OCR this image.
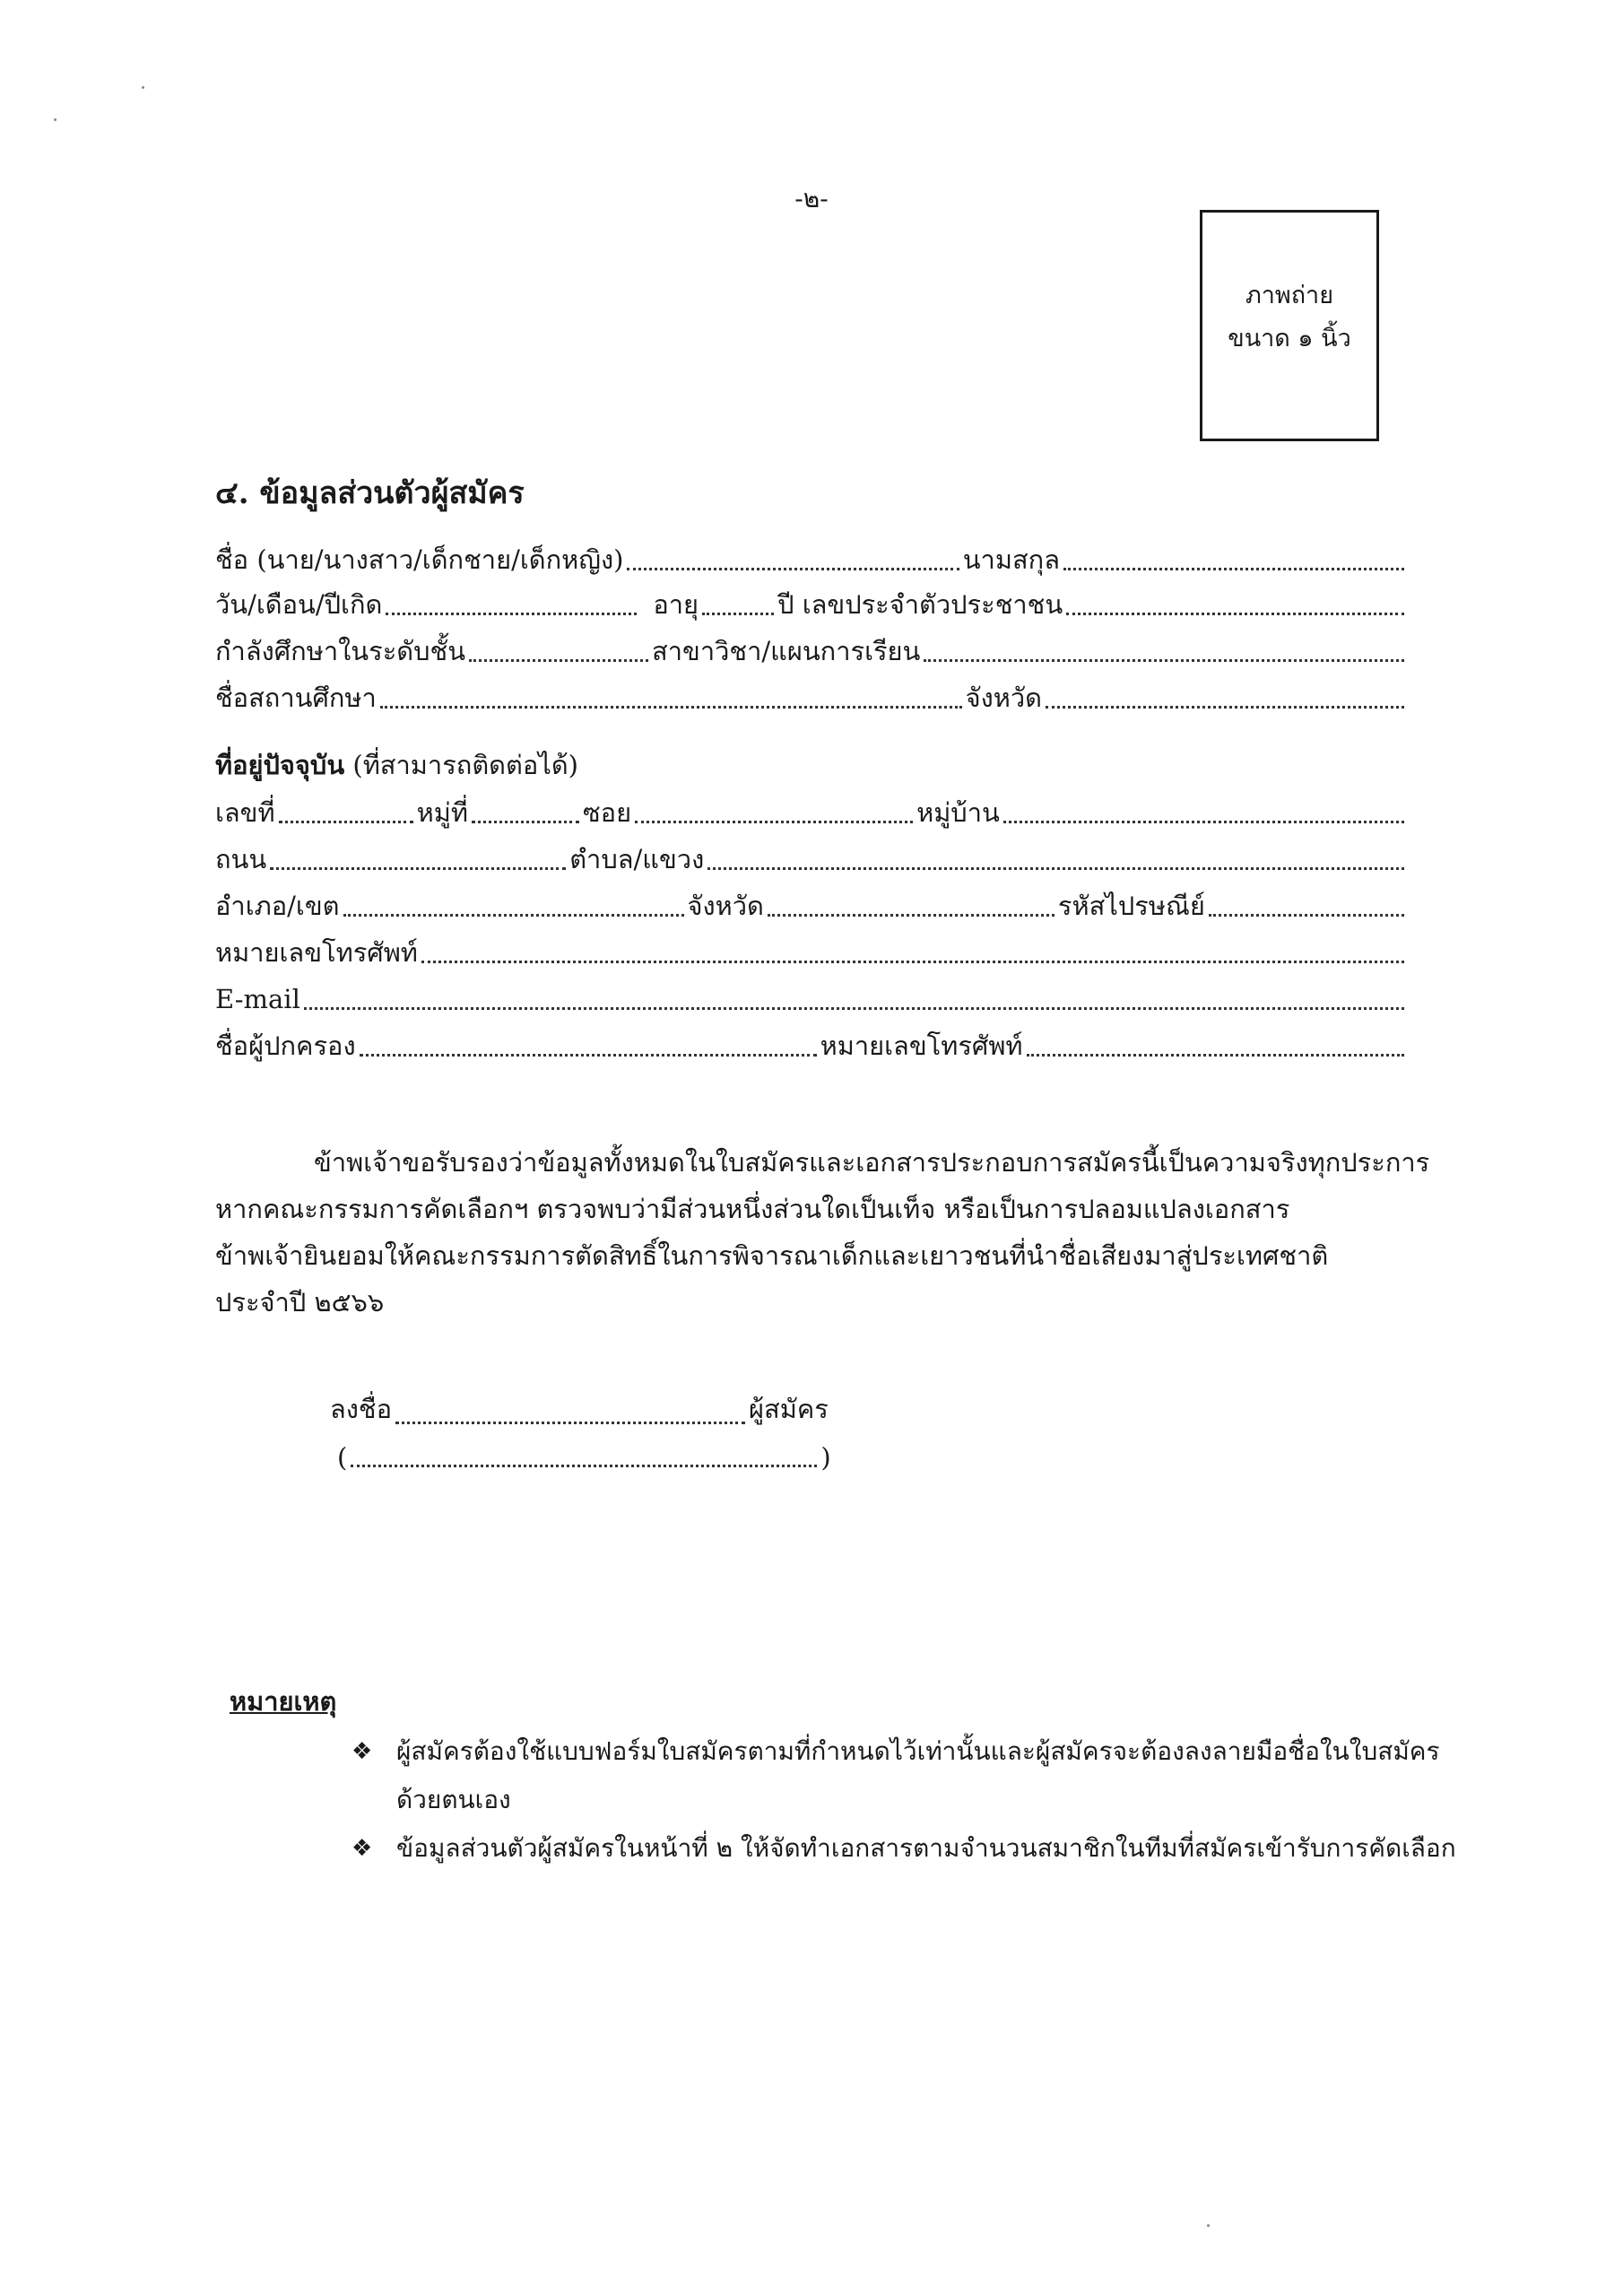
-๒-
ภาพถ่าย
ขนาด ๑ นิ้ว
๔. ข้อมูลส่วนตัวผู้สมัคร
ชื่อ (นาย/นางสาว/เด็กชาย/เด็กหญิง)	นามสกุล
วัน/เดือน/ปีเกิด	อายุ	ปี เลขประจำตัวประชาชน
กำลังศึกษาในระดับชั้น	สาขาวิชา/แผนการเรียน
ชื่อสถานศึกษา	จังหวัด
ที่อยู่ปัจจุบัน (ที่สามารถติดต่อได้)
เลขที่	หมู่ที่	ซอย	หมู่บ้าน
ถนน	ตำบล/แขวง
อำเภอ/เขต	จังหวัด	รหัสไปรษณีย์
หมายเลขโทรศัพท์
E-mail
ชื่อผู้ปกครอง	หมายเลขโทรศัพท์
ข้าพเจ้าขอรับรองว่าข้อมูลทั้งหมดในใบสมัครและเอกสารประกอบการสมัครนี้เป็นความจริงทุกประการ
หากคณะกรรมการคัดเลือกฯ ตรวจพบว่ามีส่วนหนึ่งส่วนใดเป็นเท็จ หรือเป็นการปลอมแปลงเอกสาร
ข้าพเจ้ายินยอมให้คณะกรรมการตัดสิทธิ์ในการพิจารณาเด็กและเยาวชนที่นำชื่อเสียงมาสู่ประเทศชาติ
ประจำปี ๒๕๖๖
ลงชื่อ	ผู้สมัคร
(	)
หมายเหตุ
❖ ผู้สมัครต้องใช้แบบฟอร์มใบสมัครตามที่กำหนดไว้เท่านั้นและผู้สมัครจะต้องลงลายมือชื่อในใบสมัคร
ด้วยตนเอง
❖ ข้อมูลส่วนตัวผู้สมัครในหน้าที่ ๒ ให้จัดทำเอกสารตามจำนวนสมาชิกในทีมที่สมัครเข้ารับการคัดเลือก
